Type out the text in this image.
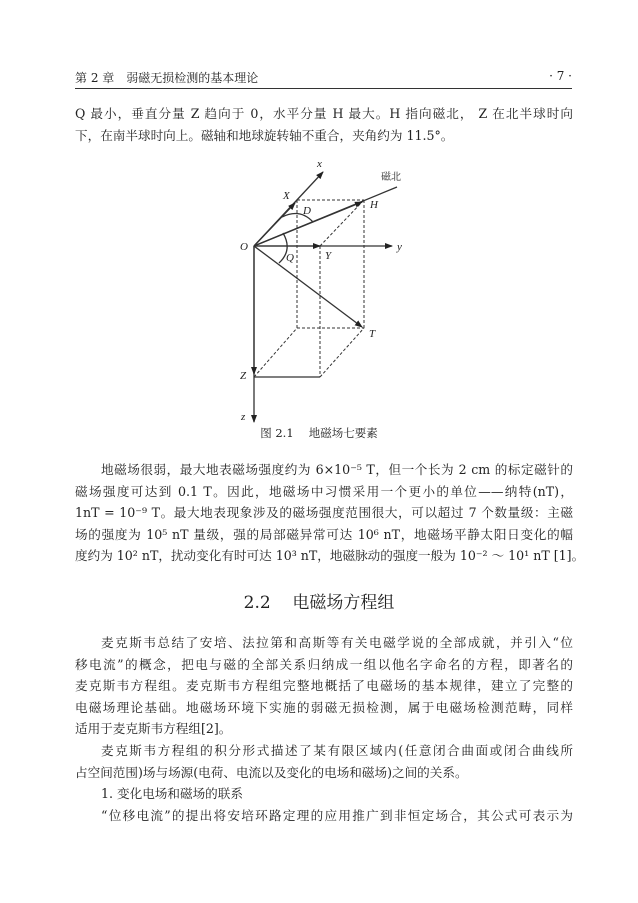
第 2 章　弱磁无损检测的基本理论	· 7 ·
Q 最小，垂直分量 Z 趋向于 0，水平分量 H 最大。H 指向磁北， Z 在北半球时向
下，在南半球时向上。磁轴和地球旋转轴不重合，夹角约为 11.5°。
x
X
磁北
H
D
O
Q	Y
y
T
Z
z
图 2.1　 地磁场七要素
地磁场很弱，最大地表磁场强度约为 6×10⁻⁵ T，但一个长为 2 cm 的标定磁针的
磁场强度可达到 0.1 T。因此，地磁场中习惯采用一个更小的单位——纳特(nT)，
1nT = 10⁻⁹ T。最大地表现象涉及的磁场强度范围很大，可以超过 7 个数量级：主磁
场的强度为 10⁵ nT 量级，强的局部磁异常可达 10⁶ nT，地磁场平静太阳日变化的幅
度约为 10² nT，扰动变化有时可达 10³ nT，地磁脉动的强度一般为 10⁻² ～ 10¹ nT [1]。
2.2 电磁场方程组
麦克斯韦总结了安培、法拉第和高斯等有关电磁学说的全部成就，并引入“位
移电流”的概念，把电与磁的全部关系归纳成一组以他名字命名的方程，即著名的
麦克斯韦方程组。麦克斯韦方程组完整地概括了电磁场的基本规律，建立了完整的
电磁场理论基础。地磁场环境下实施的弱磁无损检测，属于电磁场检测范畴，同样
适用于麦克斯韦方程组[2]。
麦克斯韦方程组的积分形式描述了某有限区域内(任意闭合曲面或闭合曲线所
占空间范围)场与场源(电荷、电流以及变化的电场和磁场)之间的关系。
1. 变化电场和磁场的联系
“位移电流”的提出将安培环路定理的应用推广到非恒定场合，其公式可表示为
